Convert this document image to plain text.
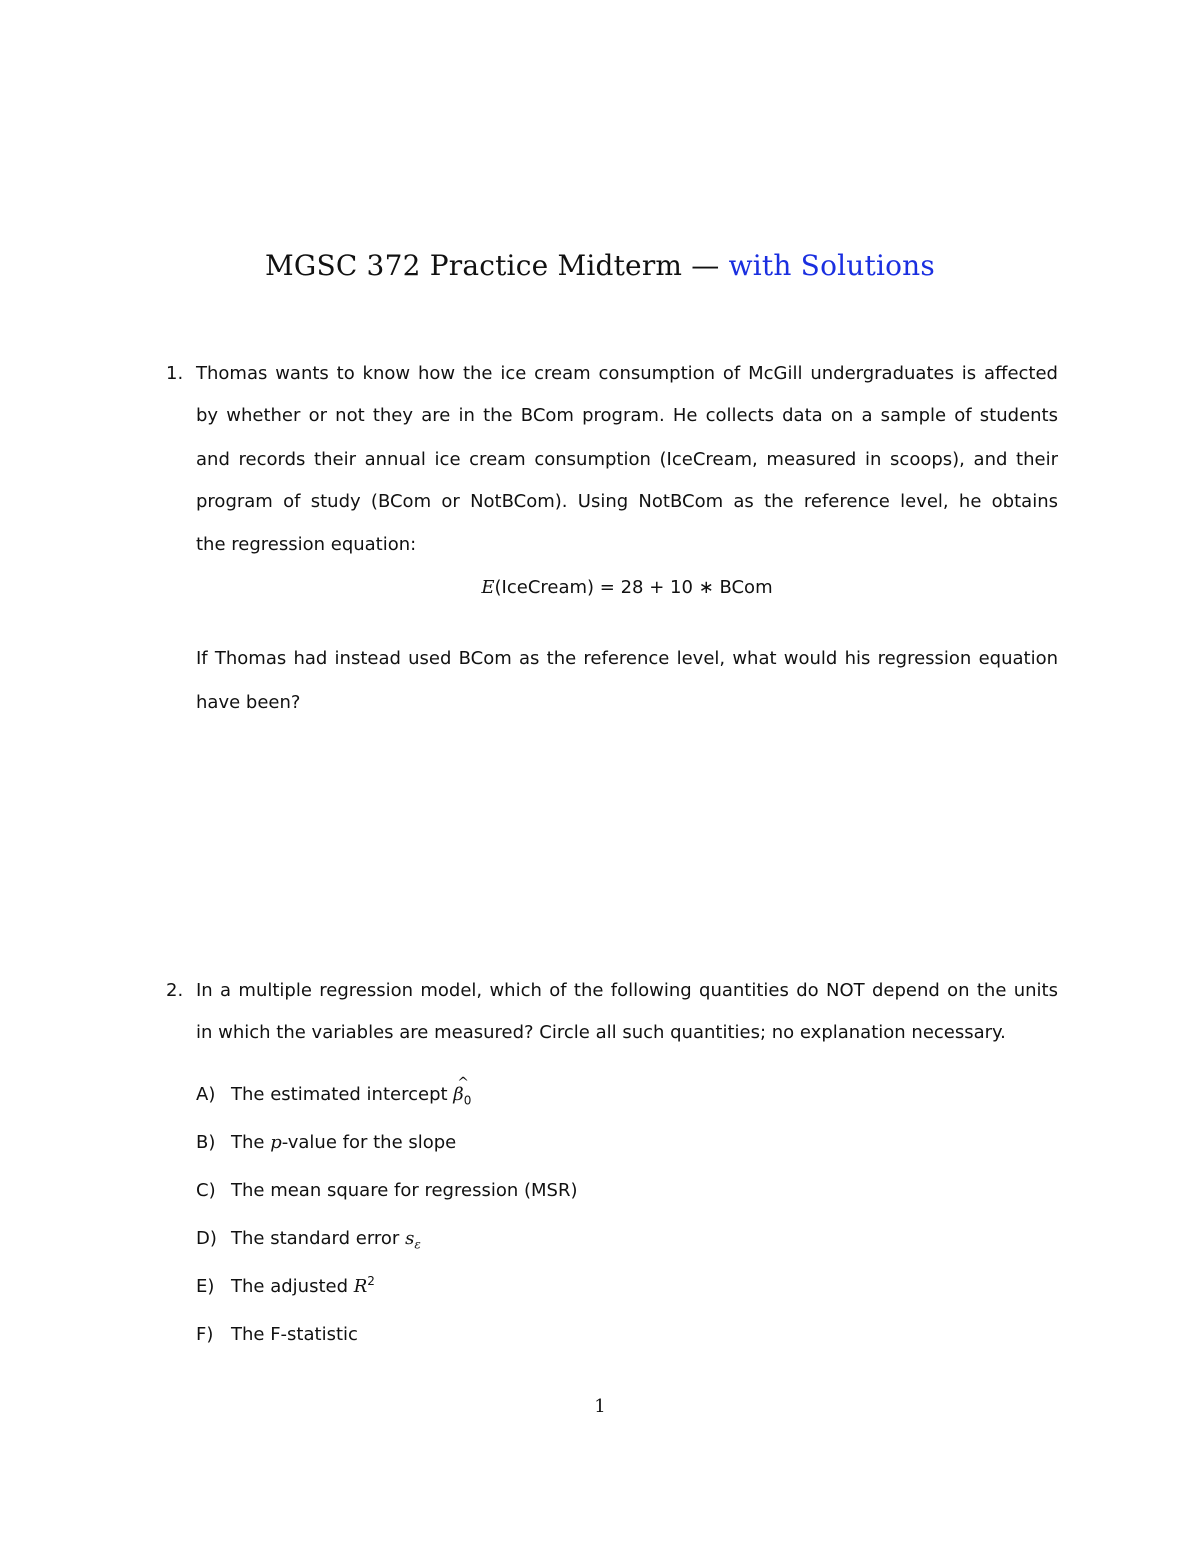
MGSC 372 Practice Midterm — with Solutions
1. Thomas wants to know how the ice cream consumption of McGill undergraduates is affected
by whether or not they are in the BCom program. He collects data on a sample of students
and records their annual ice cream consumption (IceCream, measured in scoops), and their
program of study (BCom or NotBCom). Using NotBCom as the reference level, he obtains
the regression equation:
E(IceCream) = 28 + 10 ∗ BCom
If Thomas had instead used BCom as the reference level, what would his regression equation
have been?
2. In a multiple regression model, which of the following quantities do NOT depend on the units
in which the variables are measured? Circle all such quantities; no explanation necessary.
A) The estimated intercept ^ $\beta_0$
B) The p-value for the slope
C) The mean square for regression (MSR)
D) The standard error $s_\varepsilon$
E) The adjusted $R^2$
F) The F-statistic
1
